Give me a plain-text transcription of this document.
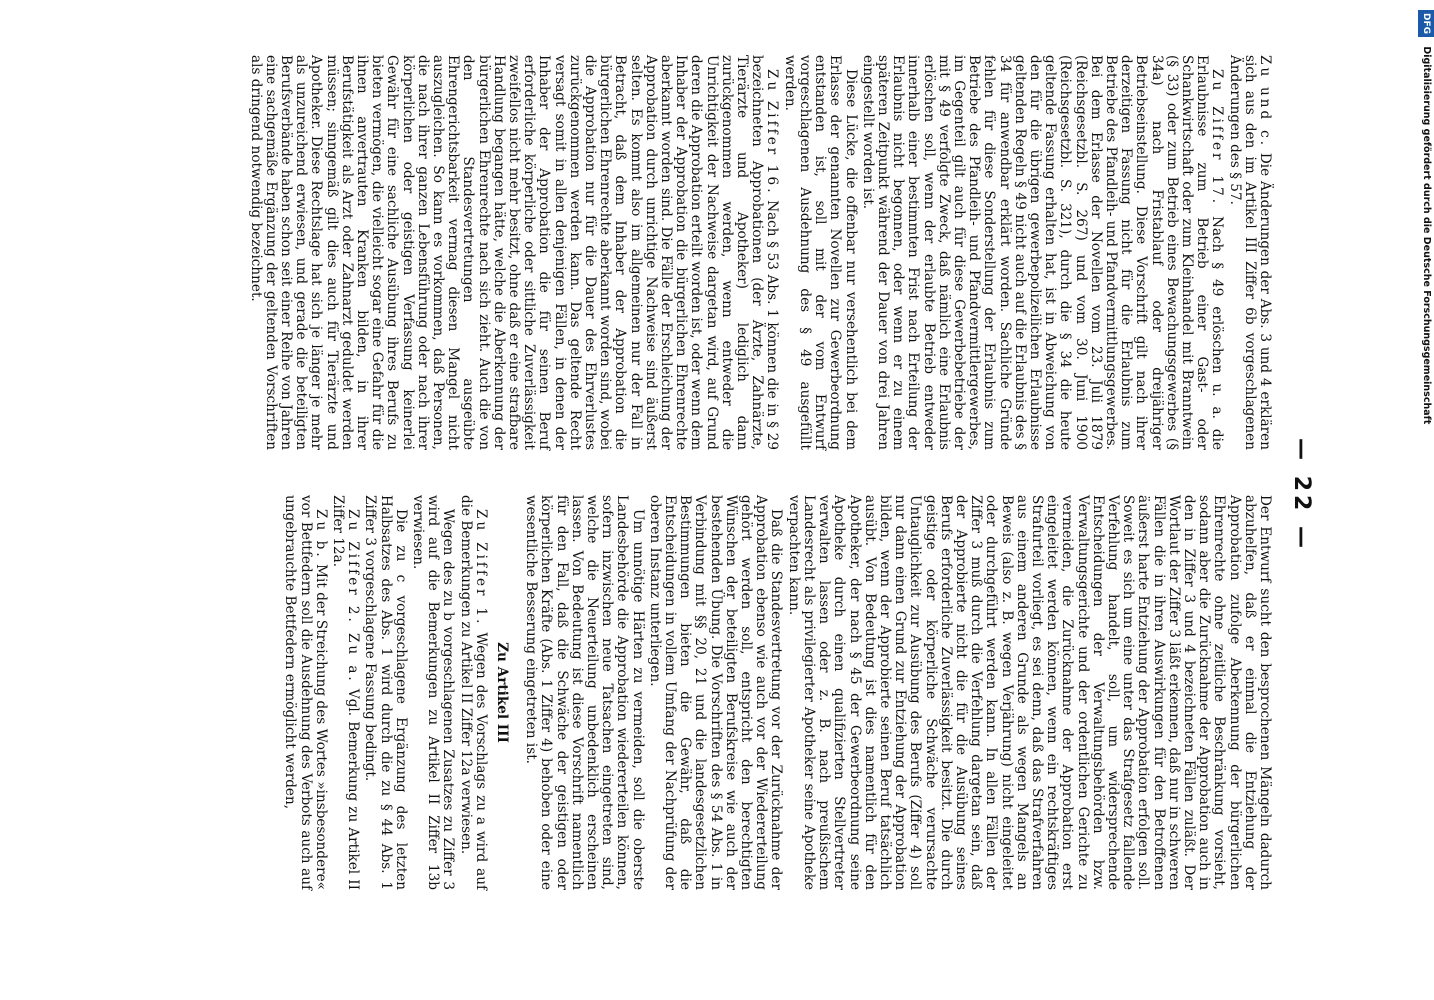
— 22 —

Zu und c. Die Änderungen der Abs. 3 und 4 erklären sich aus den im Artikel III Ziffer 6b vorgeschlagenen Änderungen des § 57.

Zu Ziffer 17. Nach § 49 erlöschen u. a. die Erlaubnisse zum Betrieb einer Gast- oder Schankwirtschaft oder zum Kleinhandel mit Branntwein (§ 33) oder zum Betrieb eines Bewachungsgewerbes (§ 34a) nach Fristablauf oder dreijähriger Betriebseinstellung. Diese Vorschrift gilt nach ihrer derzeitigen Fassung nicht für die Erlaubnis zum Betriebe des Pfandleih- und Pfandvermittlungsgewerbes. Bei dem Erlasse der Novellen vom 23. Juli 1879 (Reichsgesetzbl. S. 267) und vom 30. Juni 1900 (Reichsgesetzbl. S. 321), durch die § 34 die heute geltende Fassung erhalten hat, ist in Abweichung von den für die übrigen gewerbepolizeilichen Erlaubnisse geltenden Regeln § 49 nicht auch auf die Erlaubnis des § 34 für anwendbar erklärt worden. Sachliche Gründe fehlen für diese Sonderstellung der Erlaubnis zum Betriebe des Pfandleih- und Pfandvermittlergewerbes, im Gegenteil gilt auch für diese Gewerbebetriebe der mit § 49 verfolgte Zweck, daß nämlich eine Erlaubnis erlöschen soll, wenn der erlaubte Betrieb entweder innerhalb einer bestimmten Frist nach Erteilung der Erlaubnis nicht begonnen, oder wenn er zu einem späteren Zeitpunkt während der Dauer von drei Jahren eingestellt worden ist.

Diese Lücke, die offenbar nur versehentlich bei dem Erlasse der genannten Novellen zur Gewerbeordnung entstanden ist, soll mit der vom Entwurf vorgeschlagenen Ausdehnung des § 49 ausgefüllt werden.

Zu Ziffer 16. Nach § 53 Abs. 1 können die in § 29 bezeichneten Approbationen (der Ärzte, Zahnärzte, Tierärzte und Apotheker) lediglich dann zurückgenommen werden, wenn entweder die Unrichtigkeit der Nachweise dargetan wird, auf Grund deren die Approbation erteilt worden ist, oder wenn dem Inhaber der Approbation die bürgerlichen Ehrenrechte aberkannt worden sind. Die Fälle der Erschleichung der Approbation durch unrichtige Nachweise sind äußerst selten. Es kommt also im allgemeinen nur der Fall in Betracht, daß dem Inhaber der Approbation die bürgerlichen Ehrenrechte aberkannt worden sind, wobei die Approbation nur für die Dauer des Ehrverlustes zurückgenommen werden kann. Das geltende Recht versagt somit in allen denjenigen Fällen, in denen der Inhaber der Approbation die für seinen Beruf erforderliche körperliche oder sittliche Zuverlässigkeit zweifellos nicht mehr besitzt, ohne daß er eine strafbare Handlung begangen hätte, welche die Aberkennung der bürgerlichen Ehrenrechte nach sich zieht. Auch die von den Standesvertretungen ausgeübte Ehrengerichtsbarkeit vermag diesen Mangel nicht auszugleichen. So kann es vorkommen, daß Personen, die nach ihrer ganzen Lebensführung oder nach ihrer körperlichen oder geistigen Verfassung keinerlei Gewähr für eine sachliche Ausübung ihres Berufs zu bieten vermögen, die vielleicht sogar eine Gefahr für die ihnen anvertrauten Kranken bilden, in ihrer Berufstätigkeit als Arzt oder Zahnarzt geduldet werden müssen; sinngemäß gilt dies auch für Tierärzte und Apotheker. Diese Rechtslage hat sich je länger je mehr als unzureichend erwiesen, und gerade die beteiligten Berufsverbände haben schon seit einer Reihe von Jahren eine sachgemäße Ergänzung der geltenden Vorschriften als dringend notwendig bezeichnet.

Der Entwurf sucht den besprochenen Mängeln dadurch abzuhelfen, daß er einmal die Entziehung der Approbation zufolge Aberkennung der bürgerlichen Ehrenrechte ohne zeitliche Beschränkung vorsieht, sodann aber die Zurücknahme der Approbation auch in den in Ziffer 3 und 4 bezeichneten Fällen zuläßt. Der Wortlaut der Ziffer 3 läßt erkennen, daß nur in schweren Fällen die in ihren Auswirkungen für den Betroffenen äußerst harte Entziehung der Approbation erfolgen soll. Soweit es sich um eine unter das Strafgesetz fallende Verfehlung handelt, soll, um widersprechende Entscheidungen der Verwaltungsbehörden bzw. Verwaltungsgerichte und der ordentlichen Gerichte zu vermeiden, die Zurücknahme der Approbation erst eingeleitet werden können, wenn ein rechtskräftiges Strafurteil vorliegt, es sei denn, daß das Strafverfahren aus einem anderen Grunde als wegen Mangels an Beweis (also z. B. wegen Verjährung) nicht eingeleitet oder durchgeführt werden kann. In allen Fällen der Ziffer 3 muß durch die Verfehlung dargetan sein, daß der Approbierte nicht die für die Ausübung seines Berufs erforderliche Zuverlässigkeit besitzt. Die durch geistige oder körperliche Schwäche verursachte Untauglichkeit zur Ausübung des Berufs (Ziffer 4) soll nur dann einen Grund zur Entziehung der Approbation bilden, wenn der Approbierte seinen Beruf tatsächlich ausübt. Von Bedeutung ist dies namentlich für den Apotheker, der nach § 45 der Gewerbeordnung seine Apotheke durch einen qualifizierten Stellvertreter verwalten lassen oder z. B. nach preußischem Landesrecht als privilegierter Apotheker seine Apotheke verpachten kann.

Daß die Standesvertretung vor der Zurücknahme der Approbation ebenso wie auch vor der Wiedererteilung gehört werden soll, entspricht den berechtigten Wünschen der beteiligten Berufskreise wie auch der bestehenden Übung. Die Vorschriften des § 54 Abs. 1 in Verbindung mit §§ 20, 21 und die landesgesetzlichen Bestimmungen bieten die Gewähr, daß die Entscheidungen in vollem Umfang der Nachprüfung der oberen Instanz unterliegen.

Um unnötige Härten zu vermeiden, soll die oberste Landesbehörde die Approbation wiedererteilen können, sofern inzwischen neue Tatsachen eingetreten sind, welche die Neuerteilung unbedenklich erscheinen lassen. Von Bedeutung ist diese Vorschrift namentlich für den Fall, daß die Schwäche der geistigen oder körperlichen Kräfte (Abs. 1 Ziffer 4) behoben oder eine wesentliche Besserung eingetreten ist.

Zu Artikel III

Zu Ziffer 1. Wegen des Vorschlags zu a wird auf die Bemerkungen zu Artikel II Ziffer 12a verwiesen.

Wegen des zu b vorgeschlagenen Zusatzes zu Ziffer 3 wird auf die Bemerkungen zu Artikel II Ziffer 13b verwiesen.

Die zu c vorgeschlagene Ergänzung des letzten Halbsatzes des Abs. 1 wird durch die zu § 44 Abs. 1 Ziffer 3 vorgeschlagene Fassung bedingt.

Zu Ziffer 2. Zu a. Vgl. Bemerkung zu Artikel II Ziffer 12a.

Zu b. Mit der Streichung des Wortes »insbesondere« vor Bettfedern soll die Ausdehnung des Verbots auch auf ungebrauchte Bettfedern ermöglicht werden,

DFG Digitalisierung gefördert durch die Deutsche Forschungsgemeinschaft
